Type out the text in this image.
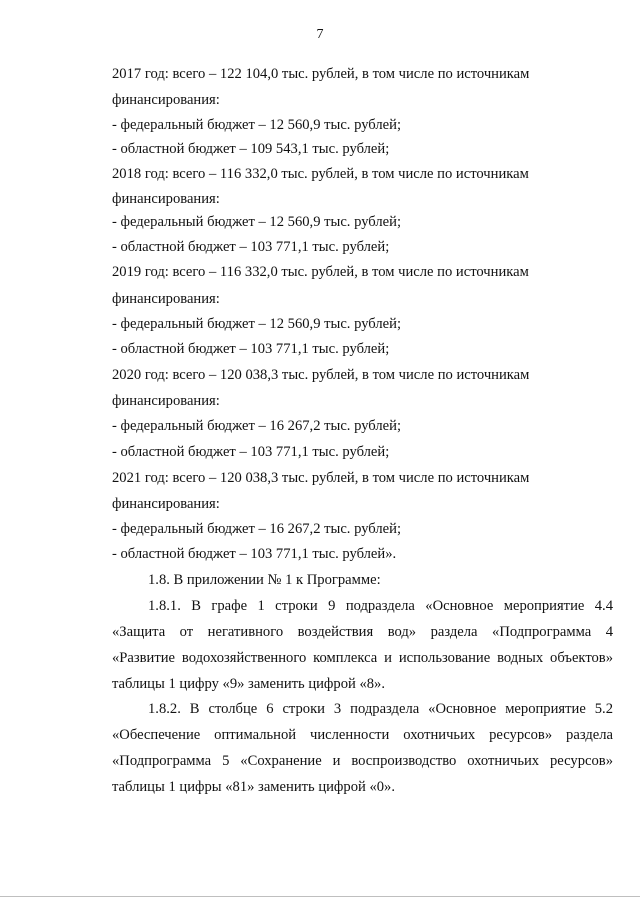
7
2017 год: всего – 122 104,0 тыс. рублей, в том числе по источникам
финансирования:
- федеральный бюджет – 12 560,9 тыс. рублей;
- областной бюджет – 109 543,1 тыс. рублей;
2018 год: всего – 116 332,0 тыс. рублей, в том числе по источникам
финансирования:
- федеральный бюджет – 12 560,9 тыс. рублей;
- областной бюджет – 103 771,1 тыс. рублей;
2019 год: всего – 116 332,0 тыс. рублей, в том числе по источникам
финансирования:
- федеральный бюджет – 12 560,9 тыс. рублей;
- областной бюджет – 103 771,1 тыс. рублей;
2020 год: всего – 120 038,3 тыс. рублей, в том числе по источникам
финансирования:
- федеральный бюджет – 16 267,2 тыс. рублей;
- областной бюджет – 103 771,1 тыс. рублей;
2021 год: всего – 120 038,3 тыс. рублей, в том числе по источникам
финансирования:
- федеральный бюджет – 16 267,2 тыс. рублей;
- областной бюджет – 103 771,1 тыс. рублей».
1.8. В приложении № 1 к Программе:
1.8.1. В графе 1 строки 9 подраздела «Основное мероприятие 4.4
«Защита от негативного воздействия вод» раздела «Подпрограмма 4
«Развитие водохозяйственного комплекса и использование водных объектов»
таблицы 1 цифру «9» заменить цифрой «8».
1.8.2. В столбце 6 строки 3 подраздела «Основное мероприятие 5.2
«Обеспечение оптимальной численности охотничьих ресурсов» раздела
«Подпрограмма 5 «Сохранение и воспроизводство охотничьих ресурсов»
таблицы 1 цифры «81» заменить цифрой «0».
